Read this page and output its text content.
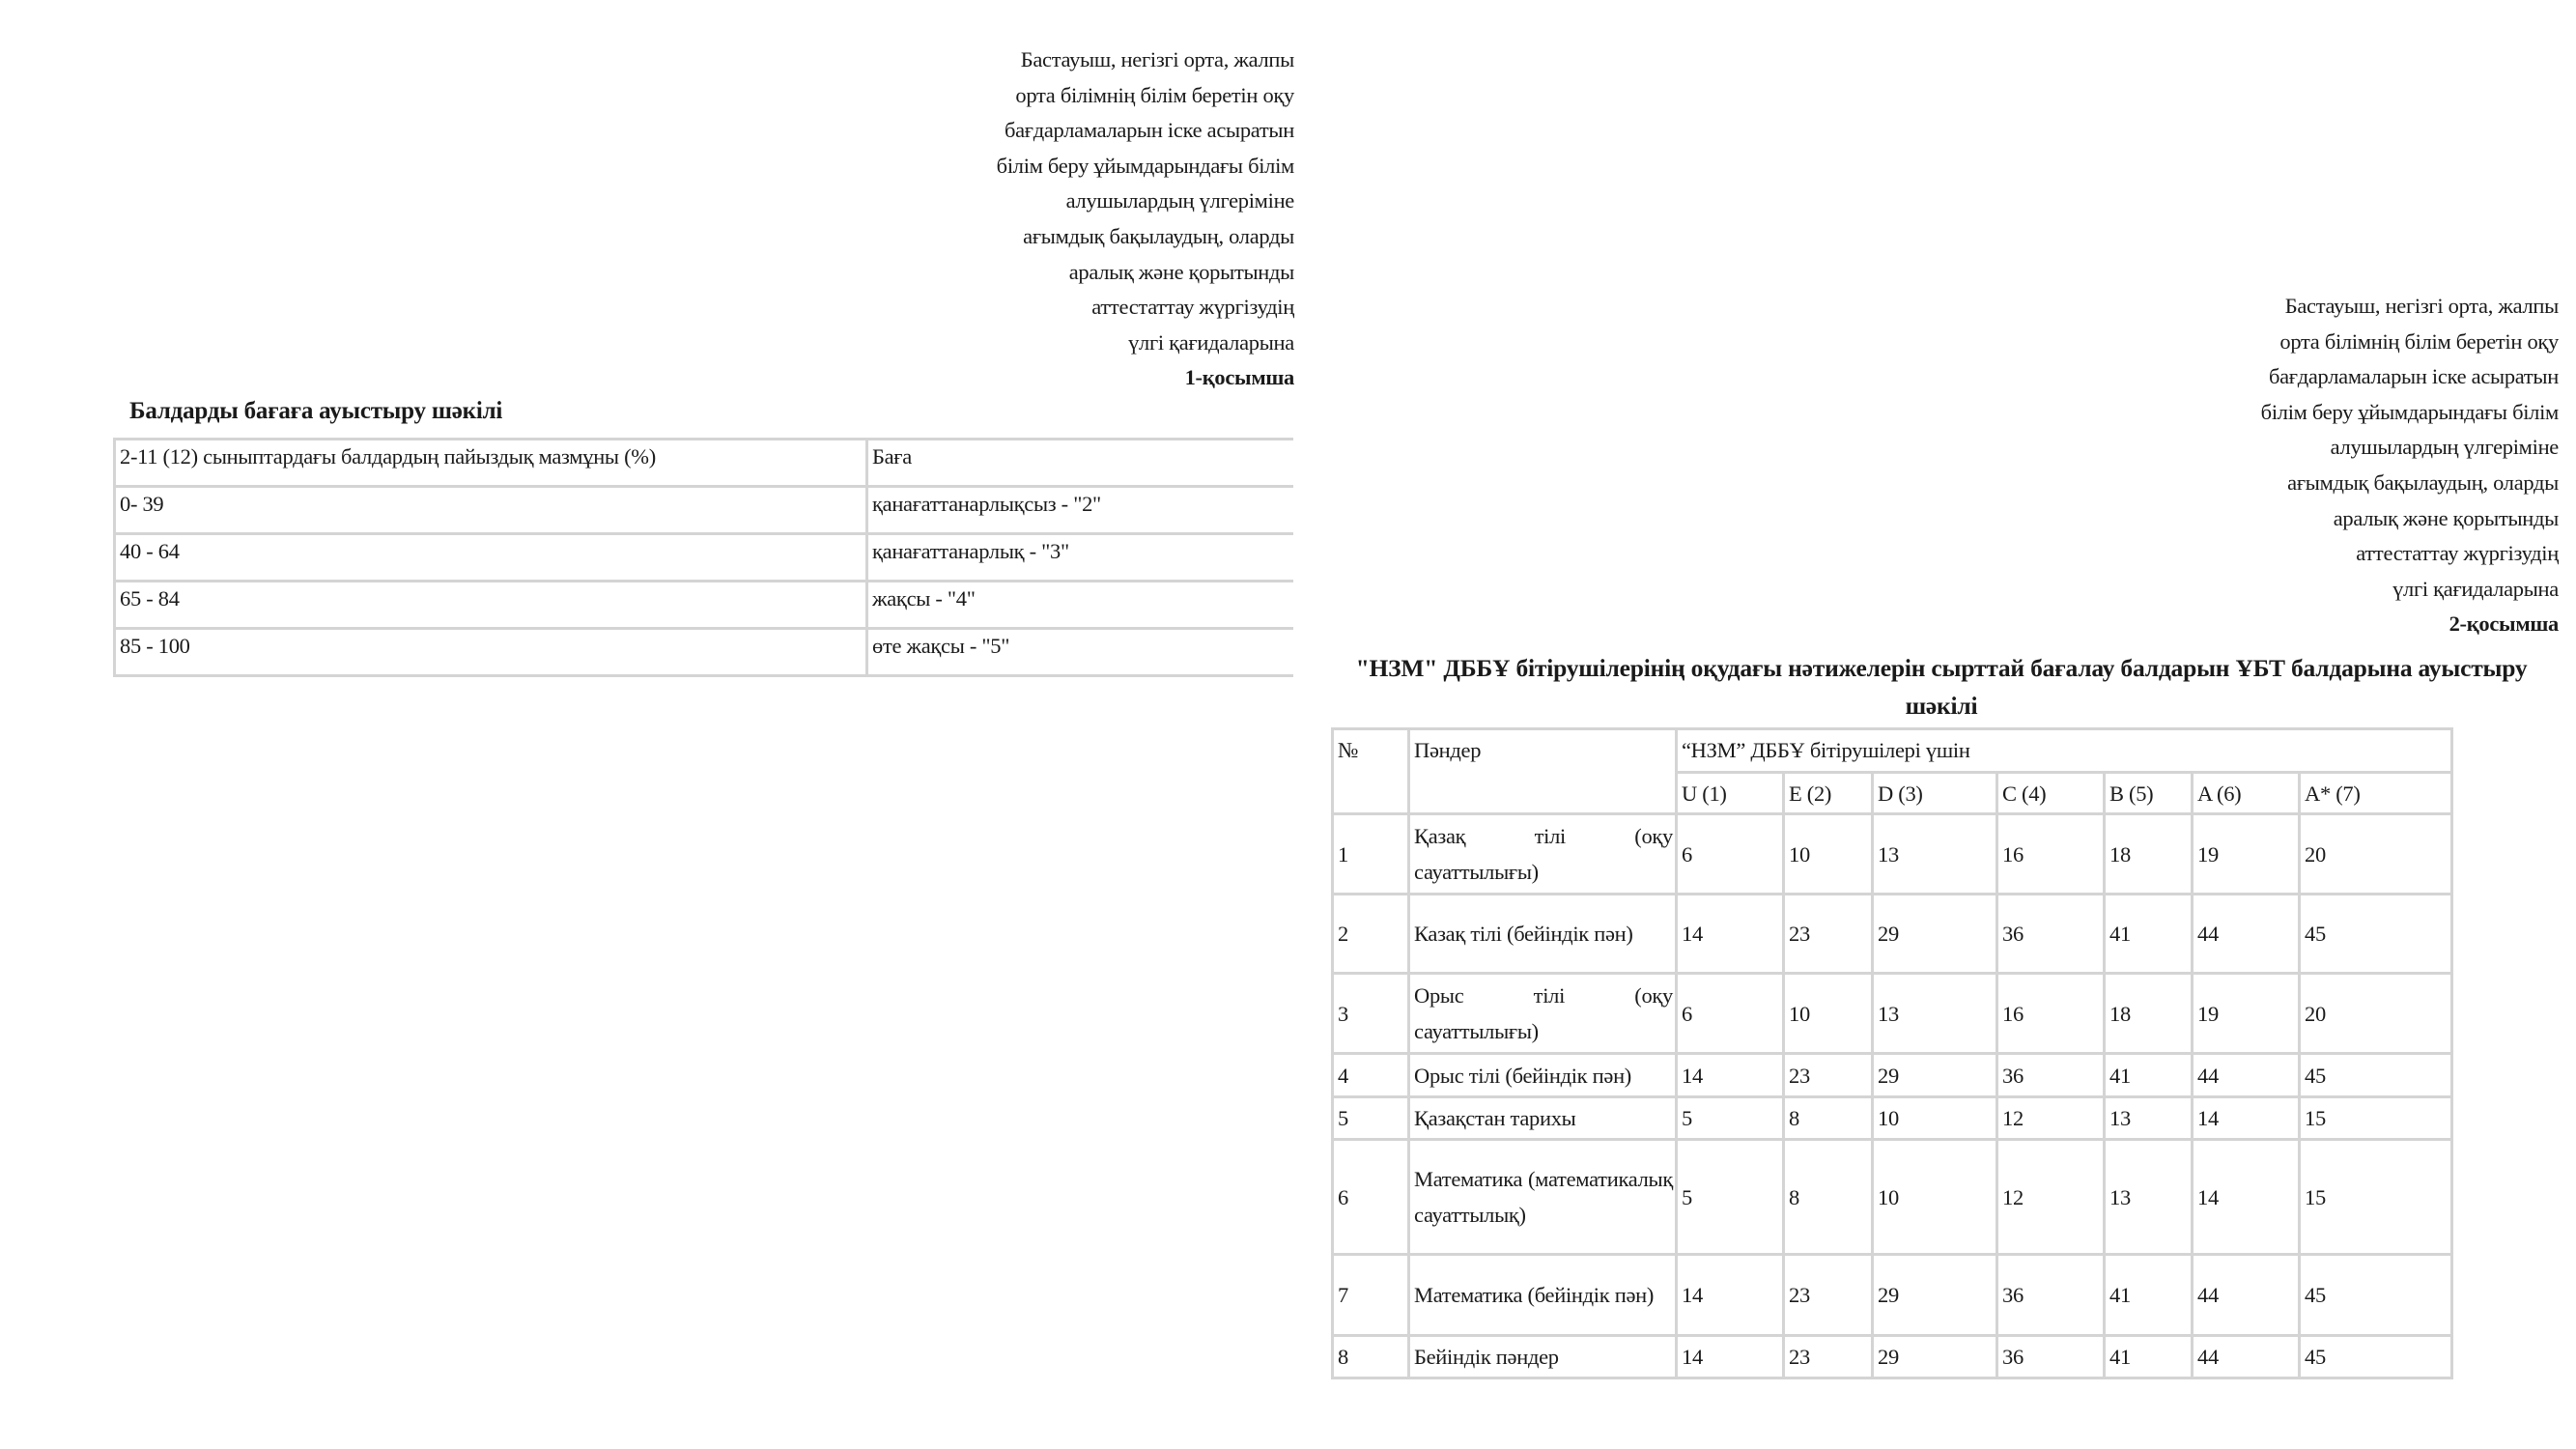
Бастауыш, негізгі орта, жалпы
орта білімнің білім беретін оқу
бағдарламаларын іске асыратын
білім беру ұйымдарындағы білім
алушылардың үлгеріміне
ағымдық бақылаудың, оларды
аралық және қорытынды
аттестаттау жүргізудің
үлгі қағидаларына
1-қосымша
Балдарды бағаға ауыстыру шәкілі
2-11 (12) сыныптардағы балдардың пайыздық мазмұны (%)	Баға
0- 39	қанағаттанарлықсыз - "2"
40 - 64	қанағаттанарлық - "3"
65 - 84	жақсы - "4"
85 - 100	өте жақсы - "5"
Бастауыш, негізгі орта, жалпы
орта білімнің білім беретін оқу
бағдарламаларын іске асыратын
білім беру ұйымдарындағы білім
алушылардың үлгеріміне
ағымдық бақылаудың, оларды
аралық және қорытынды
аттестаттау жүргізудің
үлгі қағидаларына
2-қосымша
"НЗМ" ДББҰ бітірушілерінің оқудағы нәтижелерін сырттай бағалау балдарын ҰБТ балдарына ауыстыру шәкілі
№	Пәндер	“НЗМ” ДББҰ бітірушілері үшін						
		U (1)	E (2)	D (3)	C (4)	B (5)	A (6)	A* (7)
1	Қазақ тілі (оқу сауаттылығы)	6	10	13	16	18	19	20
2	Казақ тілі (бейіндік пән)	14	23	29	36	41	44	45
3	Орыс тілі (оқу сауаттылығы)	6	10	13	16	18	19	20
4	Орыс тілі (бейіндік пән)	14	23	29	36	41	44	45
5	Қазақстан тарихы	5	8	10	12	13	14	15
6	Математика (математикалық сауаттылық)	5	8	10	12	13	14	15
7	Математика (бейіндік пән)	14	23	29	36	41	44	45
8	Бейіндік пәндер	14	23	29	36	41	44	45
